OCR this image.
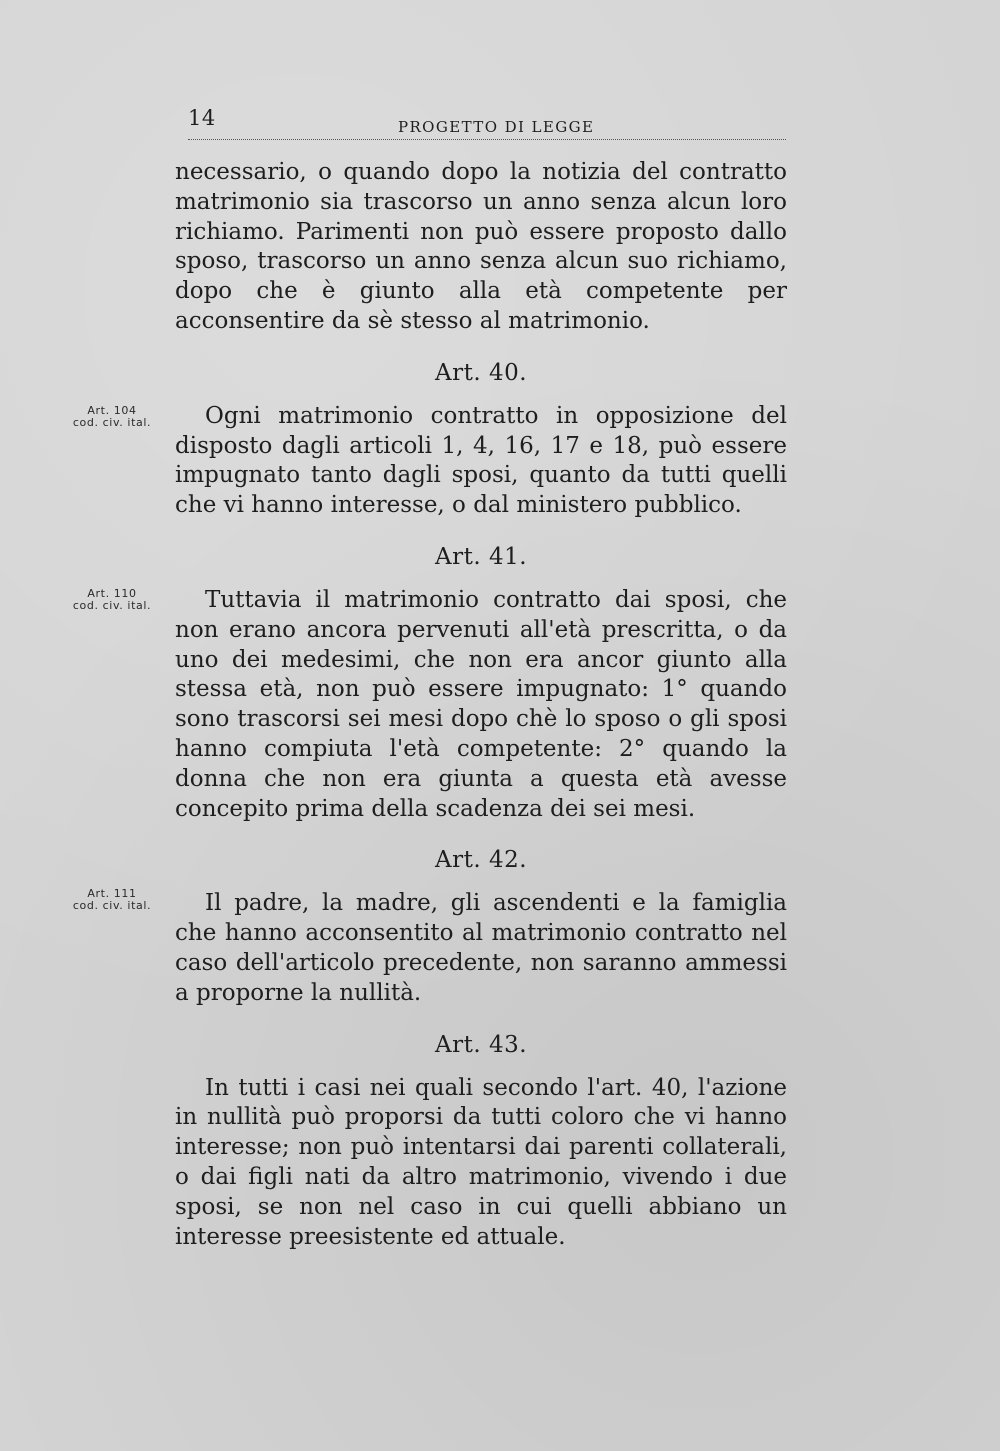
14	PROGETTO DI LEGGE
Art. 104
cod. civ. ital.
Art. 110
cod. civ. ital.
Art. 111
cod. civ. ital.

necessario, o quando dopo la notizia del contratto matrimonio sia trascorso un anno senza alcun loro richiamo. Parimenti non può essere proposto dallo sposo, trascorso un anno senza alcun suo richiamo, dopo che è giunto alla età competente per acconsentire da sè stesso al matrimonio.

Art. 40.

Ogni matrimonio contratto in opposizione del disposto dagli articoli 1, 4, 16, 17 e 18, può essere impugnato tanto dagli sposi, quanto da tutti quelli che vi hanno interesse, o dal ministero pubblico.

Art. 41.

Tuttavia il matrimonio contratto dai sposi, che non erano ancora pervenuti all'età prescritta, o da uno dei medesimi, che non era ancor giunto alla stessa età, non può essere impugnato: 1° quando sono trascorsi sei mesi dopo chè lo sposo o gli sposi hanno compiuta l'età competente: 2° quando la donna che non era giunta a questa età avesse concepito prima della scadenza dei sei mesi.

Art. 42.

Il padre, la madre, gli ascendenti e la famiglia che hanno acconsentito al matrimonio contratto nel caso dell'articolo precedente, non saranno ammessi a proporne la nullità.

Art. 43.

In tutti i casi nei quali secondo l'art. 40, l'azione in nullità può proporsi da tutti coloro che vi hanno interesse; non può intentarsi dai parenti collaterali, o dai figli nati da altro matrimonio, vivendo i due sposi, se non nel caso in cui quelli abbiano un interesse preesistente ed attuale.
